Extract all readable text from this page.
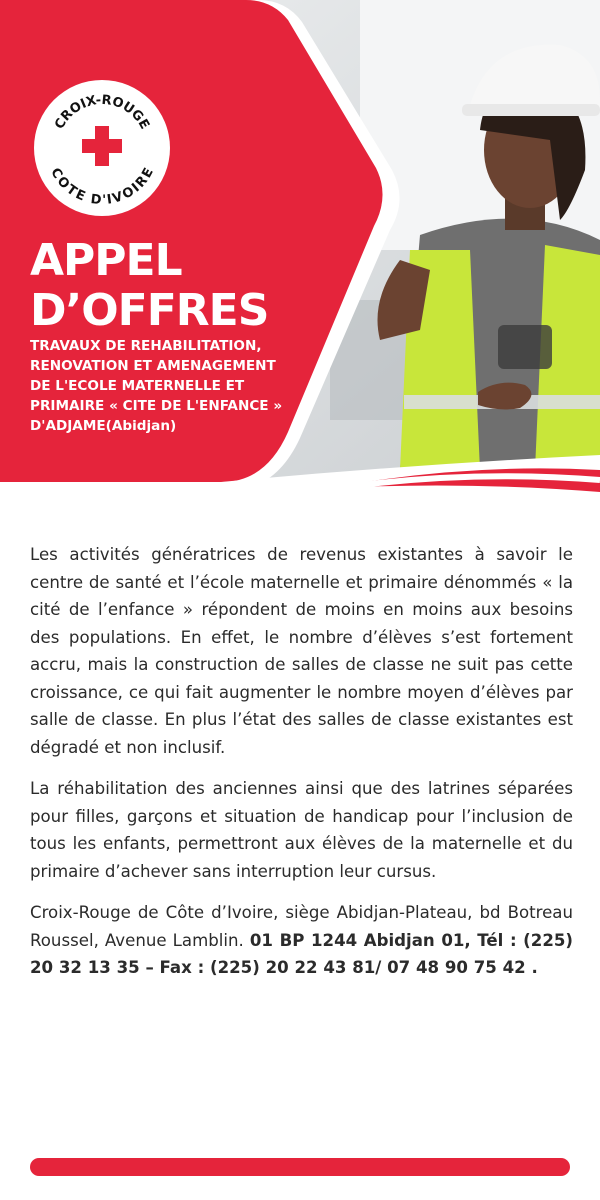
CROIX-ROUGE
COTE D'IVOIRE
APPEL
D’OFFRES

TRAVAUX DE REHABILITATION,
RENOVATION ET AMENAGEMENT
DE L'ECOLE MATERNELLE ET
PRIMAIRE « CITE DE L'ENFANCE »
D'ADJAME(Abidjan)

Les activités génératrices de revenus existantes à savoir le centre de santé et l’école maternelle et primaire dénommés « la cité de l’enfance » répondent de moins en moins aux besoins des populations. En effet, le nombre d’élèves s’est fortement accru, mais la construction de salles de classe ne suit pas cette croissance, ce qui fait augmenter le nombre moyen d’élèves par salle de classe. En plus l’état des salles de classe existantes est dégradé et non inclusif.

La réhabilitation des anciennes ainsi que des latrines séparées pour filles, garçons et situation de handicap pour l’inclusion de tous les enfants, permettront aux élèves de la maternelle et du primaire d’achever sans interruption leur cursus.

Croix-Rouge de Côte d’Ivoire, siège Abidjan-Plateau, bd Botreau Roussel, Avenue Lamblin. 01 BP 1244 Abidjan 01, Tél : (225) 20 32 13 35 – Fax : (225) 20 22 43 81/ 07 48 90 75 42 .
